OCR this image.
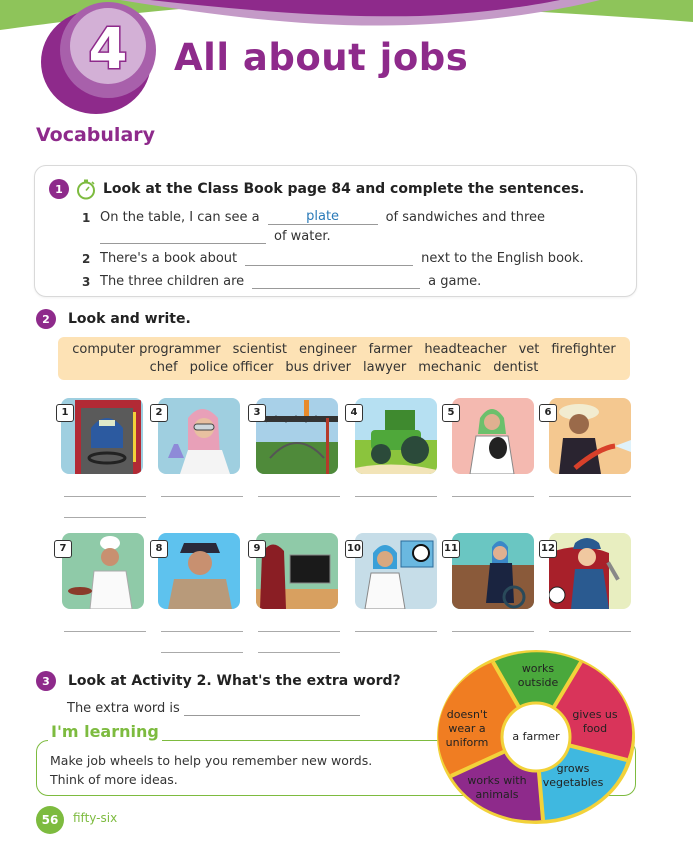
4 All about jobs
Vocabulary
1	Look at the Class Book page 84 and complete the sentences.
1 On the table, I can see a	plate	of sandwiches and three
of water.
2 There's a book about	next to the English book.
3 The three children are	a game.
2	Look and write.
computer programmer scientist engineer farmer headteacher vet firefighter
chef police officer bus driver lawyer mechanic dentist
1	2	3	4	5	6
7	8	9	10	11	12
3	Look at Activity 2. What's the extra word?
The extra word is
I'm learning
Make job wheels to help you remember new words.
Think of more ideas.
a farmer
works
outside
gives us
food
grows
vegetables
works with
animals
doesn't
wear a
uniform
56	fifty-six
